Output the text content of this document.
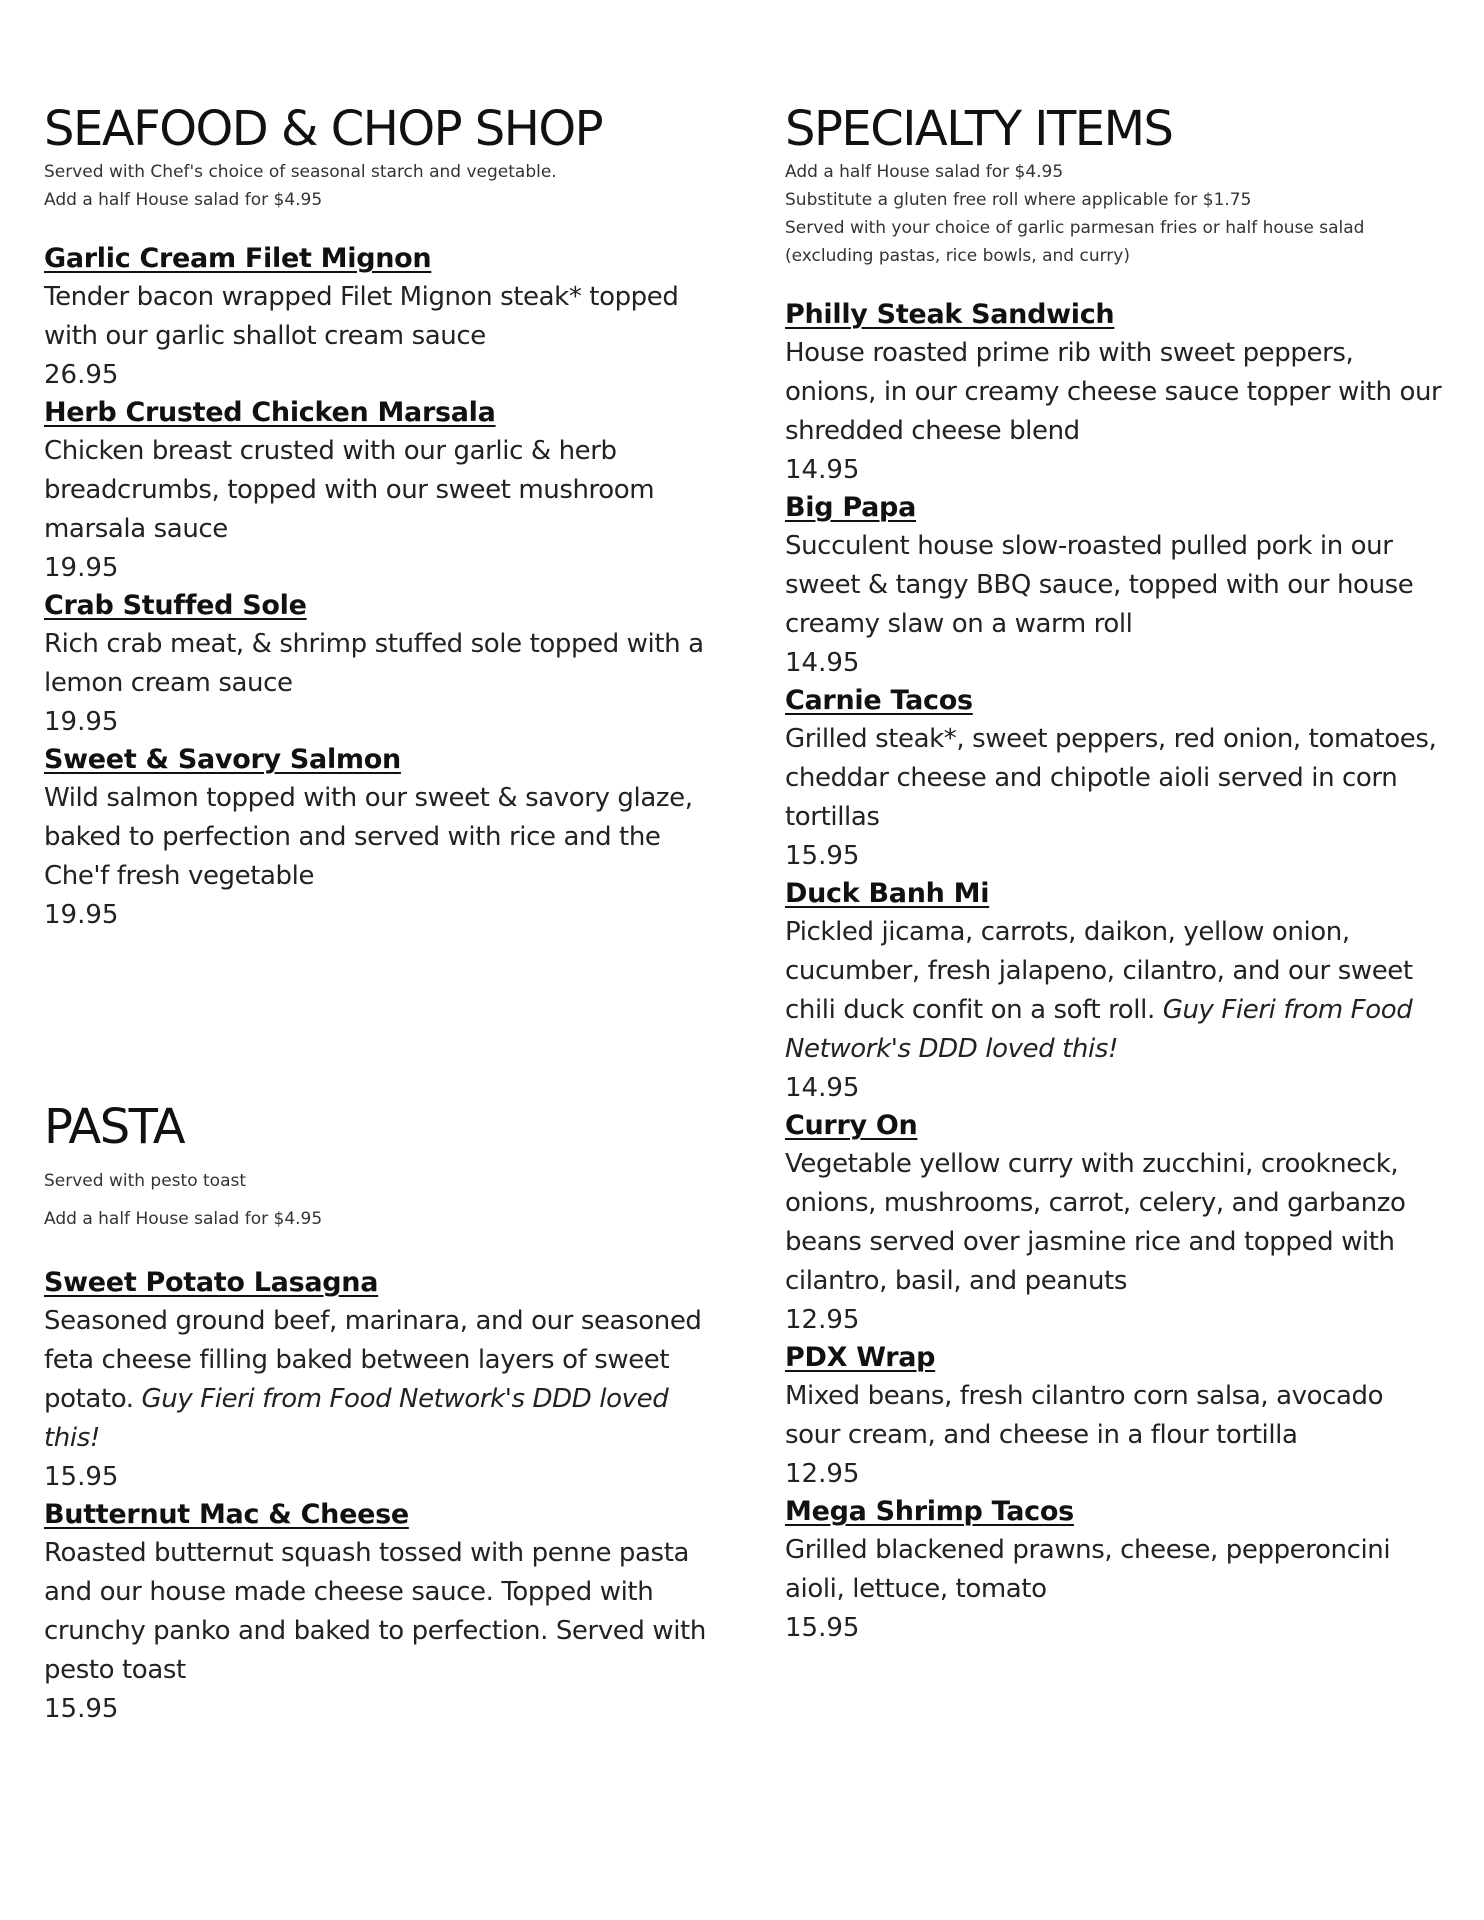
SEAFOOD & CHOP SHOP

Served with Chef's choice of seasonal starch and vegetable.

Add a half House salad for $4.95

Garlic Cream Filet Mignon

Tender bacon wrapped Filet Mignon steak* topped with our garlic shallot cream sauce

26.95

Herb Crusted Chicken Marsala

Chicken breast crusted with our garlic & herb breadcrumbs, topped with our sweet mushroom marsala sauce

19.95

Crab Stuffed Sole

Rich crab meat, & shrimp stuffed sole topped with a lemon cream sauce

19.95

Sweet & Savory Salmon

Wild salmon topped with our sweet & savory glaze, baked to perfection and served with rice and the Che'f fresh vegetable

19.95

PASTA

Served with pesto toast

Add a half House salad for $4.95

Sweet Potato Lasagna

Seasoned ground beef, marinara, and our seasoned feta cheese filling baked between layers of sweet potato. Guy Fieri from Food Network's DDD loved this!

15.95

Butternut Mac & Cheese

Roasted butternut squash tossed with penne pasta and our house made cheese sauce. Topped with crunchy panko and baked to perfection. Served with pesto toast

15.95

SPECIALTY ITEMS

Add a half House salad for $4.95

Substitute a gluten free roll where applicable for $1.75

Served with your choice of garlic parmesan fries or half house salad (excluding pastas, rice bowls, and curry)

Philly Steak Sandwich

House roasted prime rib with sweet peppers, onions, in our creamy cheese sauce topper with our shredded cheese blend

14.95

Big Papa

Succulent house slow-roasted pulled pork in our sweet & tangy BBQ sauce, topped with our house creamy slaw on a warm roll

14.95

Carnie Tacos

Grilled steak*, sweet peppers, red onion, tomatoes, cheddar cheese and chipotle aioli served in corn tortillas

15.95

Duck Banh Mi

Pickled jicama, carrots, daikon, yellow onion, cucumber, fresh jalapeno, cilantro, and our sweet chili duck confit on a soft roll. Guy Fieri from Food Network's DDD loved this!

14.95

Curry On

Vegetable yellow curry with zucchini, crookneck, onions, mushrooms, carrot, celery, and garbanzo beans served over jasmine rice and topped with cilantro, basil, and peanuts

12.95

PDX Wrap

Mixed beans, fresh cilantro corn salsa, avocado sour cream, and cheese in a flour tortilla

12.95

Mega Shrimp Tacos

Grilled blackened prawns, cheese, pepperoncini aioli, lettuce, tomato

15.95
